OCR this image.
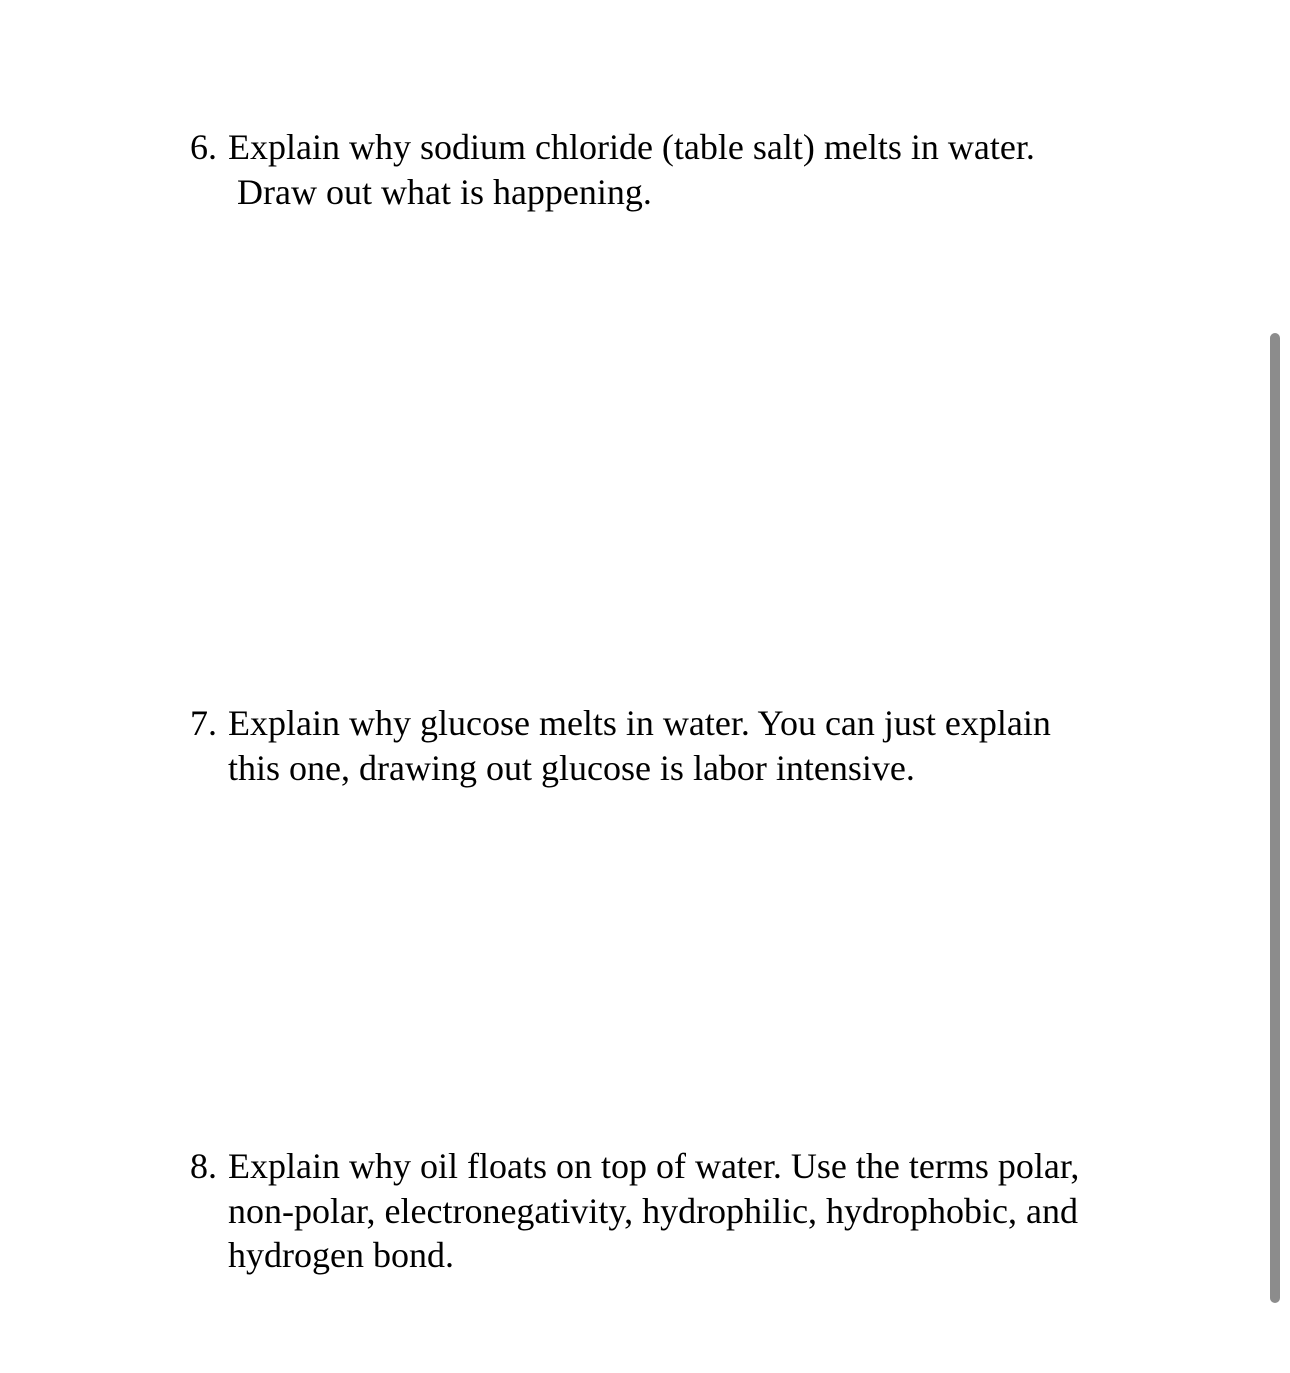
6. Explain why sodium chloride (table salt) melts in water.
Draw out what is happening.
7. Explain why glucose melts in water. You can just explain
this one, drawing out glucose is labor intensive.
8. Explain why oil floats on top of water. Use the terms polar,
non-polar, electronegativity, hydrophilic, hydrophobic, and
hydrogen bond.
